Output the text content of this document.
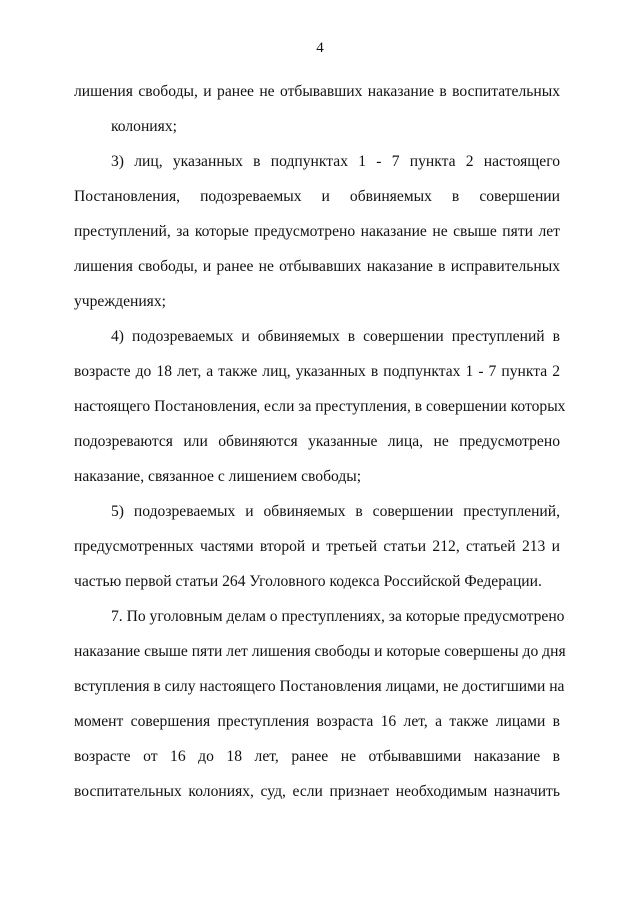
4
лишения свободы, и ранее не отбывавших наказание в воспитательных
колониях;
3) лиц, указанных в подпунктах 1 - 7 пункта 2 настоящего
Постановления, подозреваемых и обвиняемых в совершении
преступлений, за которые предусмотрено наказание не свыше пяти лет
лишения свободы, и ранее не отбывавших наказание в исправительных
учреждениях;
4) подозреваемых и обвиняемых в совершении преступлений в
возрасте до 18 лет, а также лиц, указанных в подпунктах 1 - 7 пункта 2
настоящего Постановления, если за преступления, в совершении которых
подозреваются или обвиняются указанные лица, не предусмотрено
наказание, связанное с лишением свободы;
5) подозреваемых и обвиняемых в совершении преступлений,
предусмотренных частями второй и третьей статьи 212, статьей 213 и
частью первой статьи 264 Уголовного кодекса Российской Федерации.
7. По уголовным делам о преступлениях, за которые предусмотрено
наказание свыше пяти лет лишения свободы и которые совершены до дня
вступления в силу настоящего Постановления лицами, не достигшими на
момент совершения преступления возраста 16 лет, а также лицами в
возрасте от 16 до 18 лет, ранее не отбывавшими наказание в
воспитательных колониях, суд, если признает необходимым назначить
